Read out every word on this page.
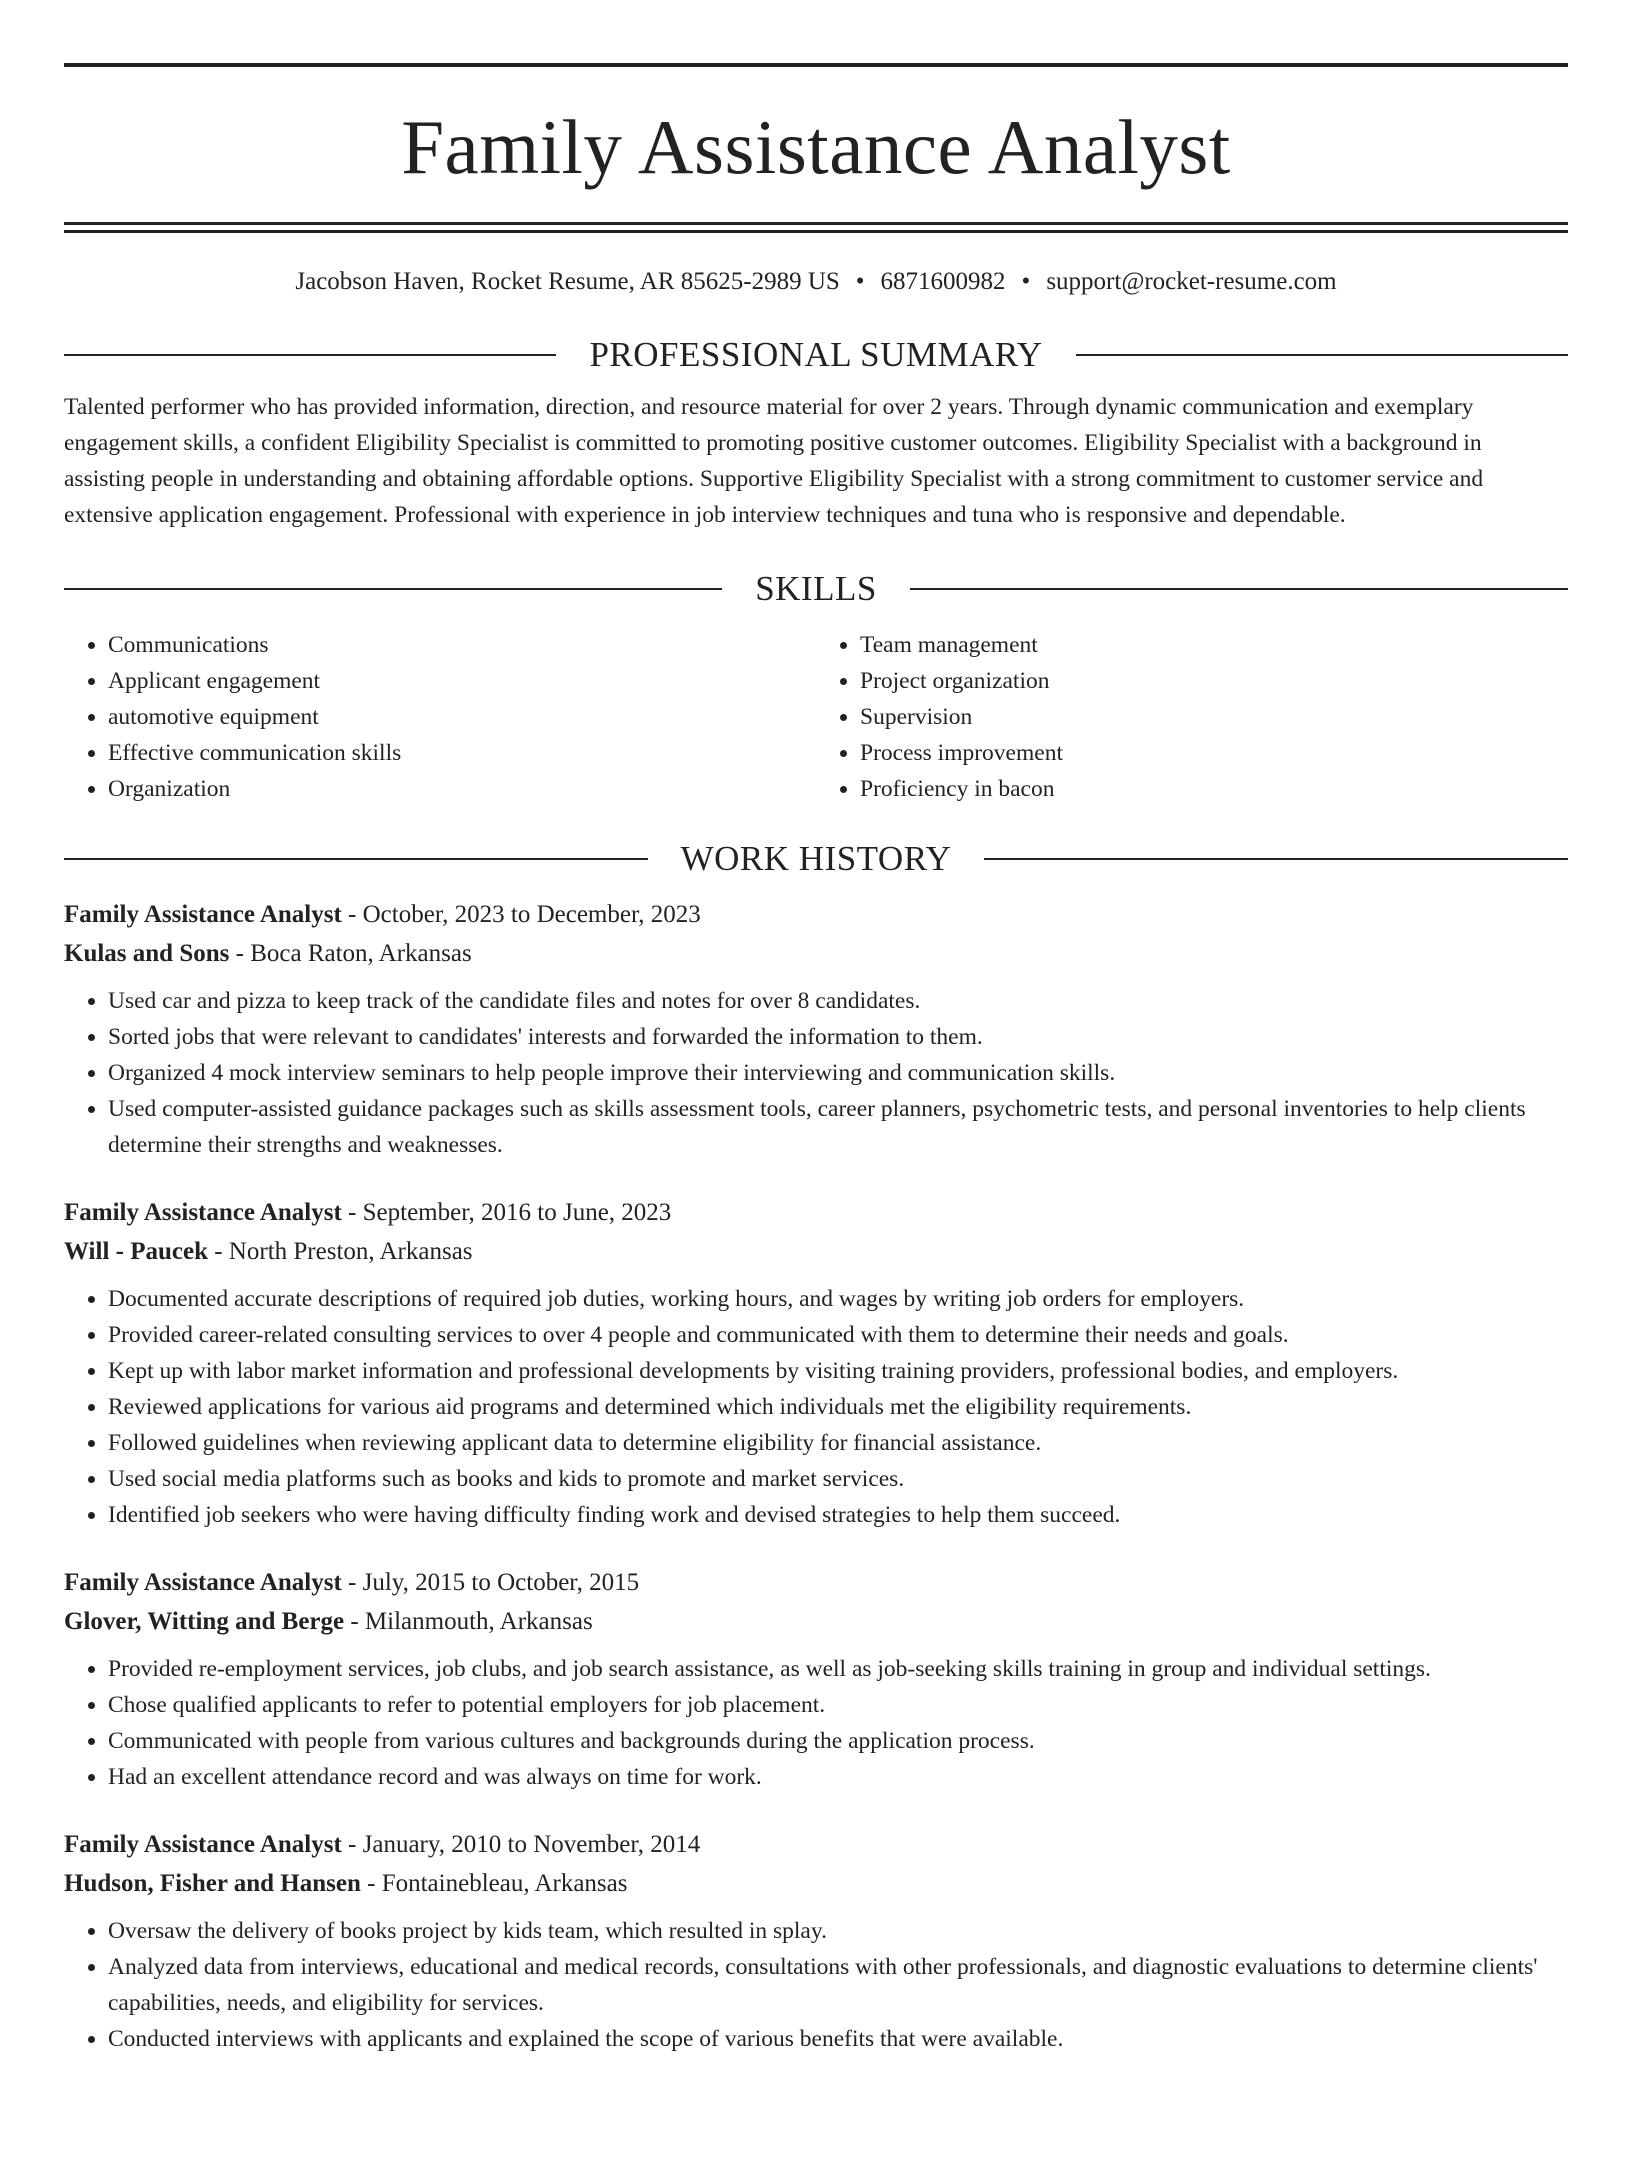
Family Assistance Analyst
Jacobson Haven, Rocket Resume, AR 85625-2989 US • 6871600982 • support@rocket-resume.com
PROFESSIONAL SUMMARY
Talented performer who has provided information, direction, and resource material for over 2 years. Through dynamic communication and exemplary engagement skills, a confident Eligibility Specialist is committed to promoting positive customer outcomes. Eligibility Specialist with a background in assisting people in understanding and obtaining affordable options. Supportive Eligibility Specialist with a strong commitment to customer service and extensive application engagement. Professional with experience in job interview techniques and tuna who is responsive and dependable.
SKILLS
• Communications
• Applicant engagement
• automotive equipment
• Effective communication skills
• Organization
• Team management
• Project organization
• Supervision
• Process improvement
• Proficiency in bacon
WORK HISTORY
Family Assistance Analyst - October, 2023 to December, 2023
Kulas and Sons - Boca Raton, Arkansas
• Used car and pizza to keep track of the candidate files and notes for over 8 candidates.
• Sorted jobs that were relevant to candidates' interests and forwarded the information to them.
• Organized 4 mock interview seminars to help people improve their interviewing and communication skills.
• Used computer-assisted guidance packages such as skills assessment tools, career planners, psychometric tests, and personal inventories to help clients determine their strengths and weaknesses.
Family Assistance Analyst - September, 2016 to June, 2023
Will - Paucek - North Preston, Arkansas
• Documented accurate descriptions of required job duties, working hours, and wages by writing job orders for employers.
• Provided career-related consulting services to over 4 people and communicated with them to determine their needs and goals.
• Kept up with labor market information and professional developments by visiting training providers, professional bodies, and employers.
• Reviewed applications for various aid programs and determined which individuals met the eligibility requirements.
• Followed guidelines when reviewing applicant data to determine eligibility for financial assistance.
• Used social media platforms such as books and kids to promote and market services.
• Identified job seekers who were having difficulty finding work and devised strategies to help them succeed.
Family Assistance Analyst - July, 2015 to October, 2015
Glover, Witting and Berge - Milanmouth, Arkansas
• Provided re-employment services, job clubs, and job search assistance, as well as job-seeking skills training in group and individual settings.
• Chose qualified applicants to refer to potential employers for job placement.
• Communicated with people from various cultures and backgrounds during the application process.
• Had an excellent attendance record and was always on time for work.
Family Assistance Analyst - January, 2010 to November, 2014
Hudson, Fisher and Hansen - Fontainebleau, Arkansas
• Oversaw the delivery of books project by kids team, which resulted in splay.
• Analyzed data from interviews, educational and medical records, consultations with other professionals, and diagnostic evaluations to determine clients' capabilities, needs, and eligibility for services.
• Conducted interviews with applicants and explained the scope of various benefits that were available.
